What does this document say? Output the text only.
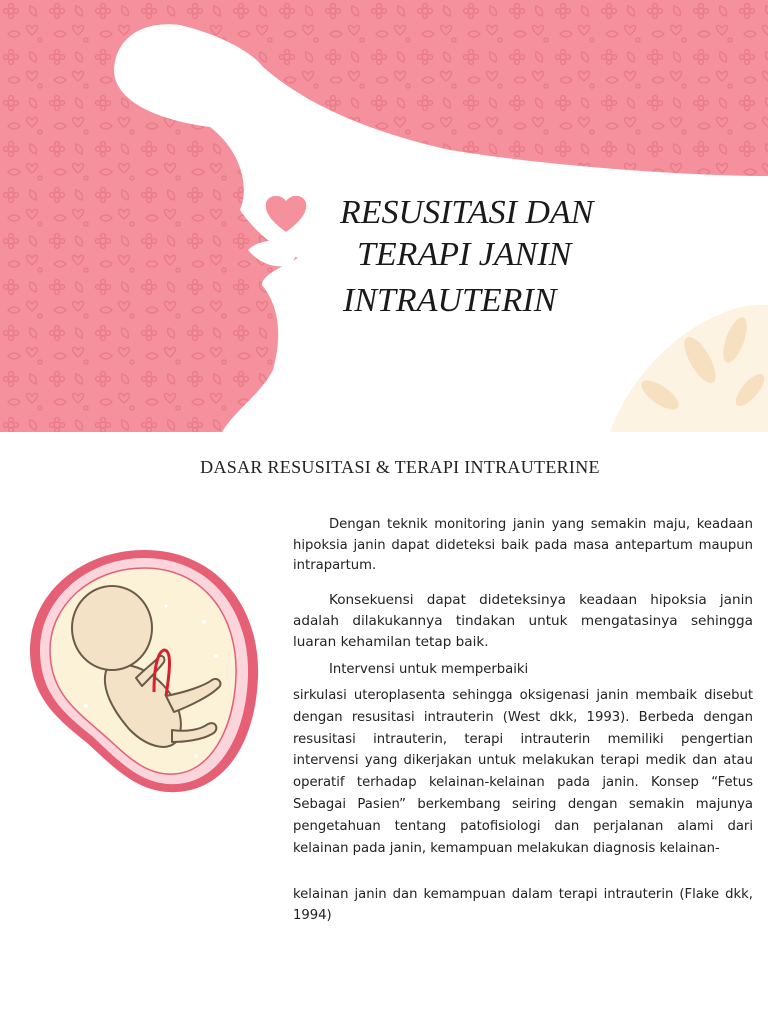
RESUSITASI DAN

TERAPI JANIN

INTRAUTERIN

DASAR RESUSITASI & TERAPI INTRAUTERINE

Dengan teknik monitoring janin yang semakin maju, keadaan hipoksia janin dapat dideteksi baik pada masa antepartum maupun intrapartum.

Konsekuensi dapat dideteksinya keadaan hipoksia janin adalah dilakukannya tindakan untuk mengatasinya sehingga luaran kehamilan tetap baik.

Intervensi untuk memperbaiki

sirkulasi uteroplasenta sehingga oksigenasi janin membaik disebut dengan resusitasi intrauterin (West dkk, 1993). Berbeda dengan resusitasi intrauterin, terapi intrauterin memiliki pengertian intervensi yang dikerjakan untuk melakukan terapi medik dan atau operatif terhadap kelainan-kelainan pada janin. Konsep “Fetus Sebagai Pasien” berkembang seiring dengan semakin majunya pengetahuan tentang patofisiologi dan perjalanan alami dari kelainan pada janin, kemampuan melakukan diagnosis kelainan-

kelainan janin dan kemampuan dalam terapi intrauterin (Flake dkk, 1994)
